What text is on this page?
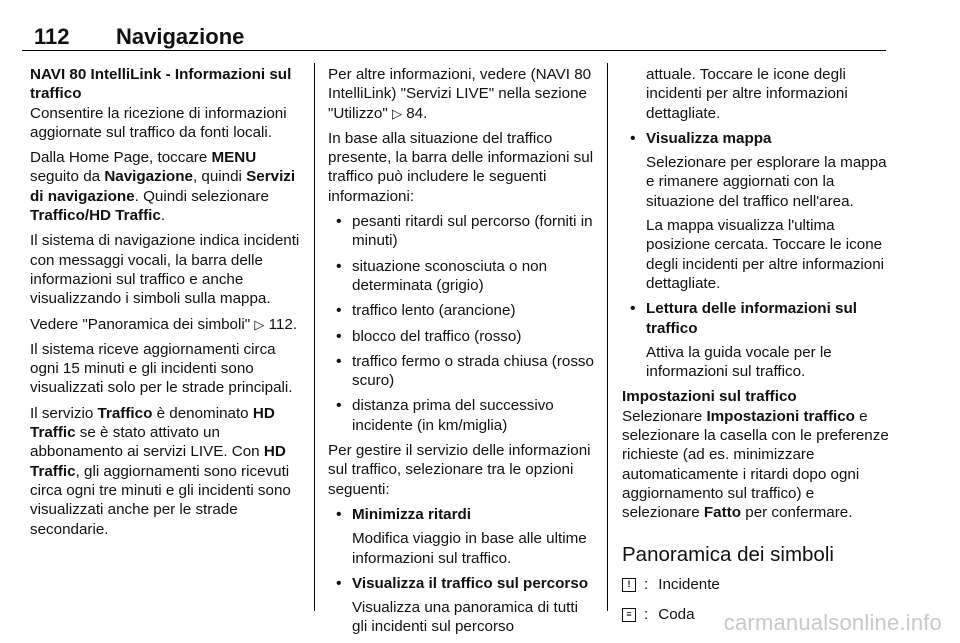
112 Navigazione

NAVI 80 IntelliLink - Informazioni sul traffico

Consentire la ricezione di informazioni aggiornate sul traffico da fonti locali.

Dalla Home Page, toccare MENU seguito da Navigazione, quindi Servizi di navigazione. Quindi selezionare Traffico/HD Traffic.

Il sistema di navigazione indica incidenti con messaggi vocali, la barra delle informazioni sul traffico e anche visualizzando i simboli sulla mappa.

Vedere "Panoramica dei simboli" ▷ 112.

Il sistema riceve aggiornamenti circa ogni 15 minuti e gli incidenti sono visualizzati solo per le strade principali.

Il servizio Traffico è denominato HD Traffic se è stato attivato un abbonamento ai servizi LIVE. Con HD Traffic, gli aggiornamenti sono ricevuti circa ogni tre minuti e gli incidenti sono visualizzati anche per le strade secondarie.

Per altre informazioni, vedere (NAVI 80 IntelliLink) "Servizi LIVE" nella sezione "Utilizzo" ▷ 84.

In base alla situazione del traffico presente, la barra delle informazioni sul traffico può includere le seguenti informazioni:

• pesanti ritardi sul percorso (forniti in minuti)
• situazione sconosciuta o non determinata (grigio)
• traffico lento (arancione)
• blocco del traffico (rosso)
• traffico fermo o strada chiusa (rosso scuro)
• distanza prima del successivo incidente (in km/miglia)

Per gestire il servizio delle informazioni sul traffico, selezionare tra le opzioni seguenti:

• Minimizza ritardi
Modifica viaggio in base alle ultime informazioni sul traffico.
• Visualizza il traffico sul percorso
Visualizza una panoramica di tutti gli incidenti sul percorso

attuale. Toccare le icone degli incidenti per altre informazioni dettagliate.

• Visualizza mappa
Selezionare per esplorare la mappa e rimanere aggiornati con la situazione del traffico nell'area.
La mappa visualizza l'ultima posizione cercata. Toccare le icone degli incidenti per altre informazioni dettagliate.
• Lettura delle informazioni sul traffico
Attiva la guida vocale per le informazioni sul traffico.

Impostazioni sul traffico

Selezionare Impostazioni traffico e selezionare la casella con le preferenze richieste (ad es. minimizzare automaticamente i ritardi dopo ogni aggiornamento sul traffico) e selezionare Fatto per confermare.

Panoramica dei simboli
! : Incidente
≡ : Coda carmanualsonline.info
